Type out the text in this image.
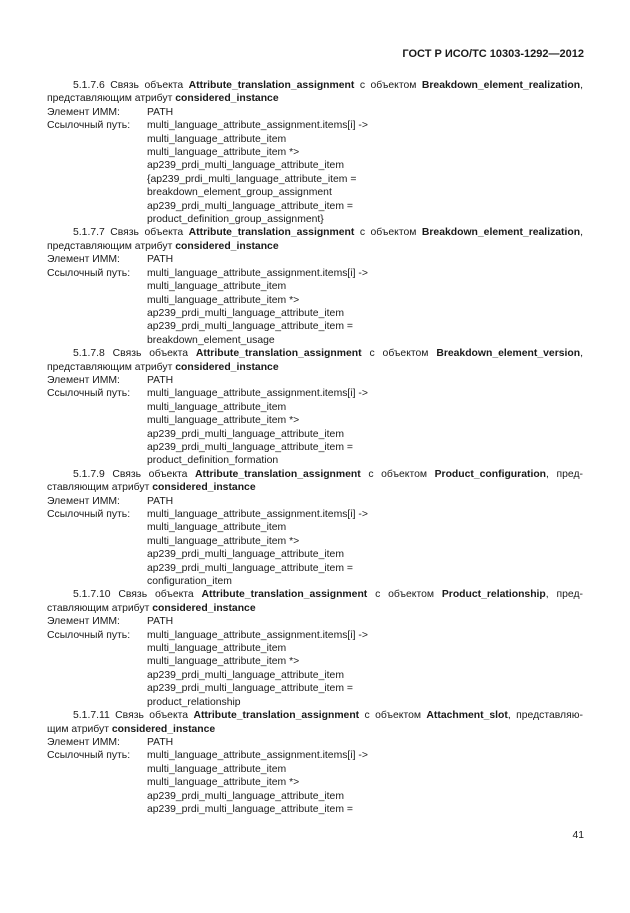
ГОСТ Р ИСО/ТС 10303-1292—2012
5.1.7.6 Связь объекта Attribute_translation_assignment с объектом Breakdown_element_realization,
представляющим атрибут considered_instance
Элемент ИММ:	PATH
Ссылочный путь:	multi_language_attribute_assignment.items[i] ->
multi_language_attribute_item
multi_language_attribute_item *>
ap239_prdi_multi_language_attribute_item
{ap239_prdi_multi_language_attribute_item =
breakdown_element_group_assignment
ap239_prdi_multi_language_attribute_item =
product_definition_group_assignment}
5.1.7.7 Связь объекта Attribute_translation_assignment с объектом Breakdown_element_realization,
представляющим атрибут considered_instance
Элемент ИММ:	PATH
Ссылочный путь:	multi_language_attribute_assignment.items[i] ->
multi_language_attribute_item
multi_language_attribute_item *>
ap239_prdi_multi_language_attribute_item
ap239_prdi_multi_language_attribute_item =
breakdown_element_usage
5.1.7.8 Связь объекта Attribute_translation_assignment с объектом Breakdown_element_version,
представляющим атрибут considered_instance
Элемент ИММ:	PATH
Ссылочный путь:	multi_language_attribute_assignment.items[i] ->
multi_language_attribute_item
multi_language_attribute_item *>
ap239_prdi_multi_language_attribute_item
ap239_prdi_multi_language_attribute_item =
product_definition_formation
5.1.7.9 Связь объекта Attribute_translation_assignment с объектом Product_configuration, пред-
ставляющим атрибут considered_instance
Элемент ИММ:	PATH
Ссылочный путь:	multi_language_attribute_assignment.items[i] ->
multi_language_attribute_item
multi_language_attribute_item *>
ap239_prdi_multi_language_attribute_item
ap239_prdi_multi_language_attribute_item =
configuration_item
5.1.7.10 Связь объекта Attribute_translation_assignment с объектом Product_relationship, пред-
ставляющим атрибут considered_instance
Элемент ИММ:	PATH
Ссылочный путь:	multi_language_attribute_assignment.items[i] ->
multi_language_attribute_item
multi_language_attribute_item *>
ap239_prdi_multi_language_attribute_item
ap239_prdi_multi_language_attribute_item =
product_relationship
5.1.7.11 Связь объекта Attribute_translation_assignment с объектом Attachment_slot, представляю-
щим атрибут considered_instance
Элемент ИММ:	PATH
Ссылочный путь:	multi_language_attribute_assignment.items[i] ->
multi_language_attribute_item
multi_language_attribute_item *>
ap239_prdi_multi_language_attribute_item
ap239_prdi_multi_language_attribute_item =
41
